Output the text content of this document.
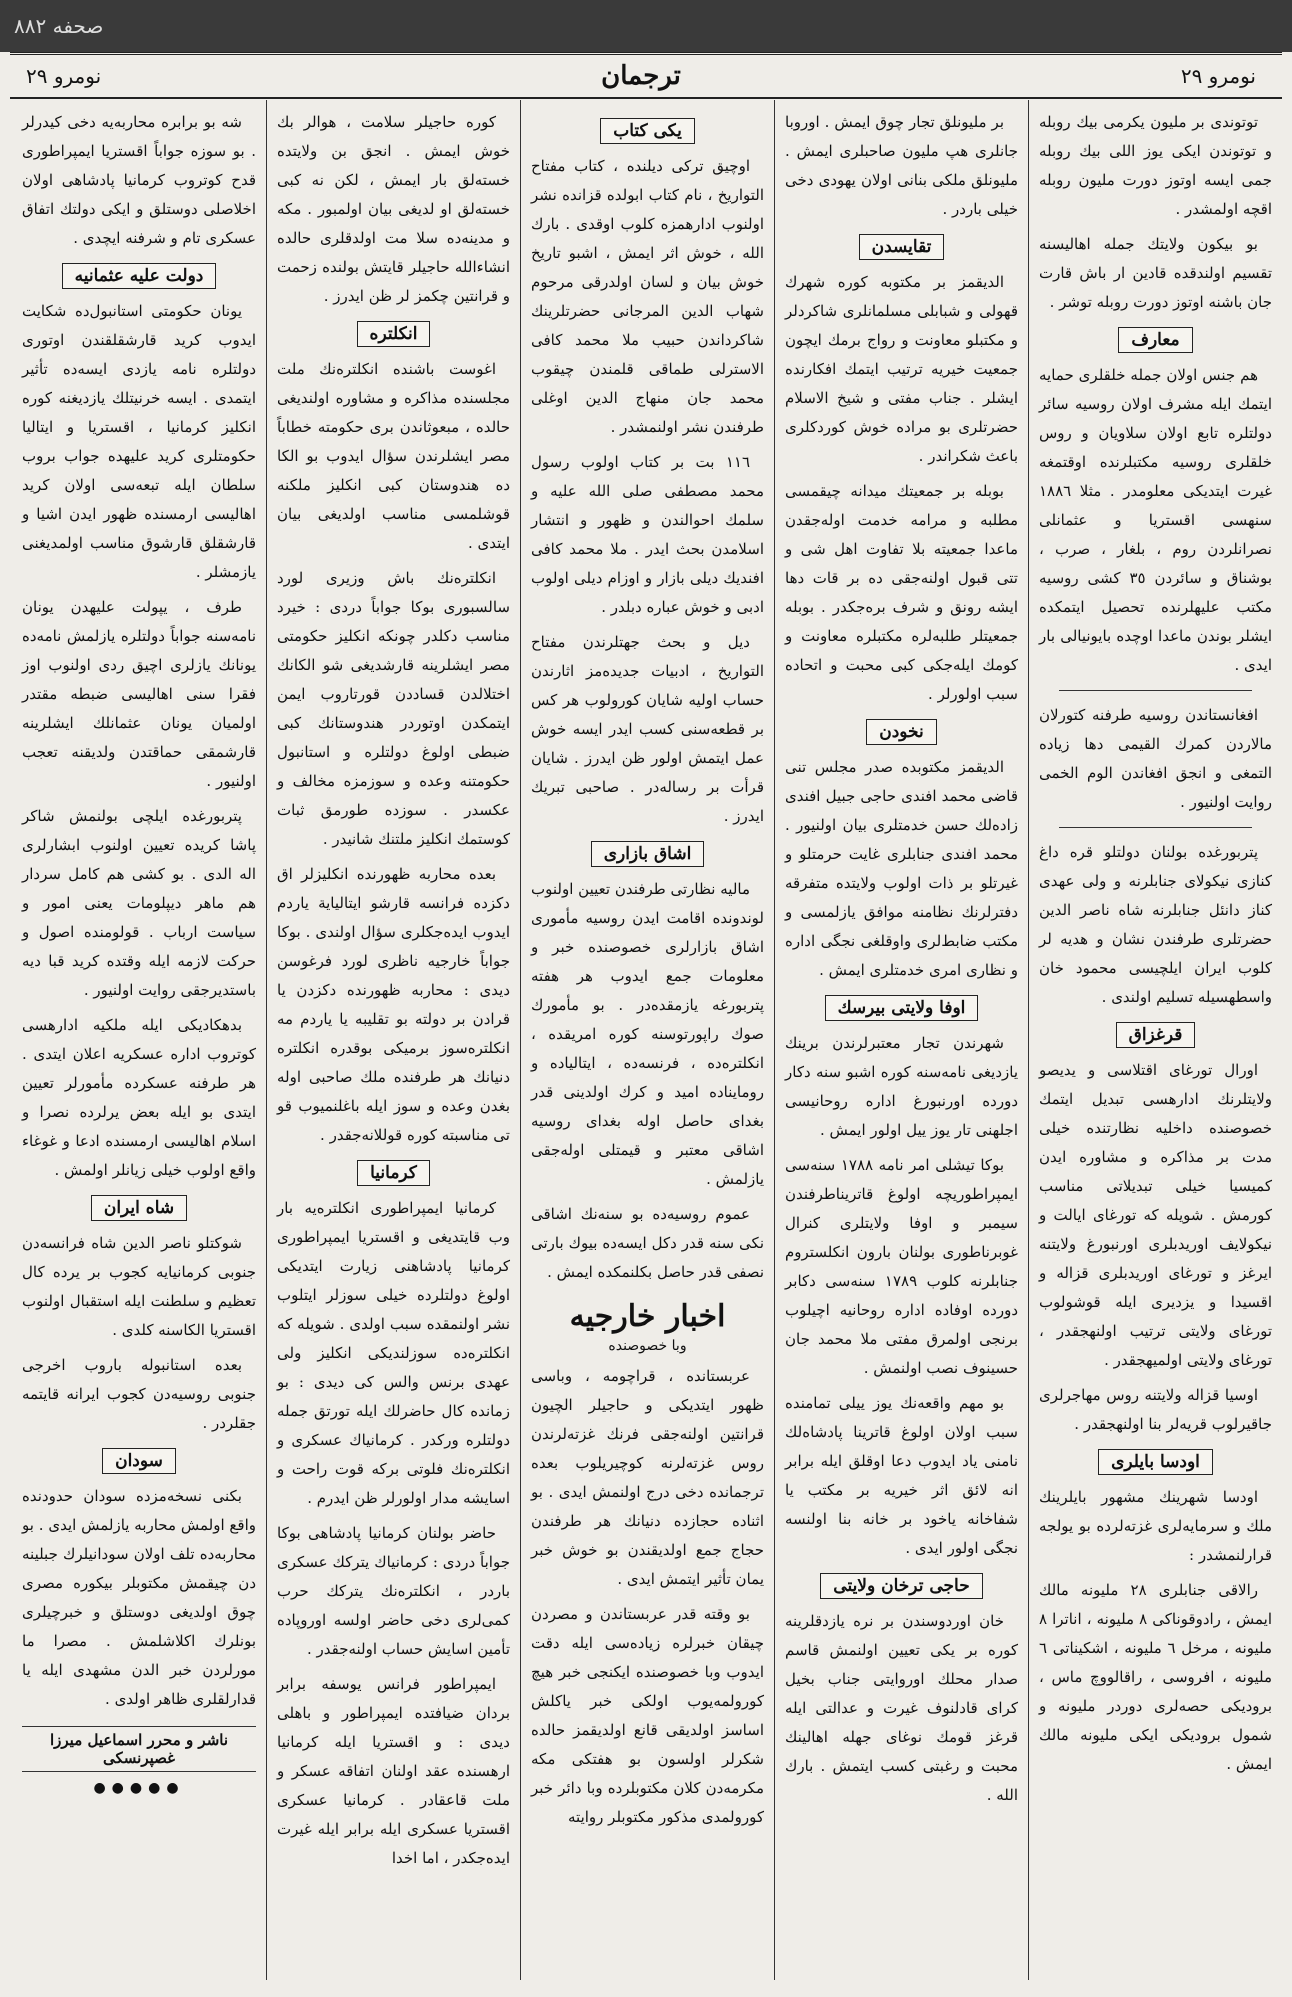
۸۸۲ صحفه
نومرو ٢٩	ترجمان	نومرو ٢٩

توتوندی بر مليون يكرمی بيك روبله و توتوندن ايكی يوز اللی بيك روبله جمی ايسه اوتوز دورت مليون روبله اقچه اولمشدر .

بو بيكون ولايتك جمله اهاليسنه تقسيم اولندقده قادين ار باش قارت جان باشنه اوتوز دورت روبله توشر .

معارف

هم جنس اولان جمله خلقلری حمايه ايتمك ايله مشرف اولان روسيه سائر دولتلره تابع اولان سلاويان و روس خلقلری روسيه مكتبلرنده اوقتمغه غيرت ايتديكی معلومدر . مثلا ١٨٨٦ سنهسی اقستريا و عثمانلی نصرانلردن روم ، بلغار ، صرب ، بوشناق و سائردن ٣٥ كشی روسيه مكتب عليهلرنده تحصيل ايتمكده ايشلر بوندن ماعدا اوچده بايونيالی بار ايدی .

افغانستاندن روسيه طرفنه كتورلان مالاردن كمرك القيمی دها زياده التمغی و انجق افغاندن الوم الخمی روايت اولنيور .

پتربورغده بولنان دولتلو قره داغ كنازی نيكولای جنابلرنه و ولی عهدی كناز دانئل جنابلرنه شاه ناصر الدين حضرتلری طرفندن نشان و هديه لر كلوب ايران ايلچيسی محمود خان واسطهسيله تسليم اولندی .

قرغزاق

اورال تورغای اقتلاسی و يدیصو ولايتلرنك ادارهسی تبديل ايتمك خصوصنده داخليه نظارتنده خيلی مدت بر مذاكره و مشاوره ايدن كميسيا خيلی تبديلاتی مناسب كورمش . شويله كه تورغای ايالت و نيكولايف اوريدبلری اورنبورغ ولايتنه ايرغز و تورغای اوريدبلری قزاله و اقسيدا و يزديری ايله قوشولوب تورغای ولايتی ترتيب اولنهجقدر ، تورغای ولايتی اولميهجقدر .

اوسيا قزاله ولايتنه روس مهاجرلری جاقيرلوب قريه‌لر بنا اولنهجقدر .

اودسا بايلری

اودسا شهرينك مشهور بايلرينك ملك و سرمايه‌لری غزته‌لرده بو يولجه قرارلنمشدر :

رالاقی جنابلری ٢٨ مليونه مالك ايمش ، رادوقوناكی ٨ مليونه ، اناترا ٨ مليونه ، مرخل ٦ مليونه ، اشكيناتی ٦ مليونه ، افروسی ، راقالووچ ماس ، بروديكی حصه‌لری دوردر مليونه و شمول بروديكی ايكی مليونه مالك ايمش .

بر مليونلق تجار چوق ايمش . اوروبا جانلری هپ مليون صاحبلری ايمش . مليونلق ملكی بنانی اولان يهودی دخی خيلی باردر .

تقايسدن

الديقمز بر مكتوبه كوره شهرك قهولی و شبابلی مسلمانلری شاكردلر و مكتبلو معاونت و رواج برمك ايچون جمعيت خيريه ترتيب ايتمك افكارنده ايشلر . جناب مفتی و شيخ الاسلام حضرتلری بو مراده خوش كوردكلری باعث شكراندر .

بوبله بر جمعيتك ميدانه چيقمسی مطلبه و مرامه خدمت اوله‌جقدن ماعدا جمعيته بلا تفاوت اهل شی و تتی قبول اولنه‌جقی ده بر قات دها ايشه رونق و شرف بره‌جكدر . بوبله جمعيتلر طلبه‌لره مكتبلره معاونت و كومك ايله‌جكی كبی محبت و اتحاده سبب اولورلر .

نخودن

الديقمز مكتوبده صدر مجلس تنی قاضی محمد افندی حاجی جبيل افندی زاده‌لك حسن خدمتلری بيان اولنيور . محمد افندی جنابلری غايت حرمتلو و غيرتلو بر ذات اولوب ولايتده متفرقه دفترلرنك نظامنه موافق يازلمسی و مكتب ضابط‌لری واوقلغی نجگی اداره و نظاری امری خدمتلری ايمش .

اوفا ولايتی بيرسك

شهرندن تجار معتبرلرندن برينك يازديغی نامه‌سنه كوره اشبو سنه دكار دورده اورنبورغ اداره روحانيسی اجلهنی تار يوز ييل اولور ايمش .

بوكا تيشلی امر نامه ١٧٨٨ سنه‌سی ايمپراطوريچه اولوغ قاتريناطرفندن سيمبر و اوفا ولايتلری كنرال غوبرناطوری بولنان بارون انكلستروم جنابلرنه كلوب ١٧٨٩ سنه‌سی دكابر دورده اوفاده اداره روحانيه اچيلوب برنجی اولمرق مفتی ملا محمد جان حسينوف نصب اولنمش .

بو مهم واقعه‌نك يوز ييلی تمامنده سبب اولان اولوغ قاترينا پادشاه‌لك نامنی ياد ايدوب دعا اوقلق ايله برابر انه لائق اثر خيريه بر مكتب يا شفاخانه ياخود بر خانه بنا اولنسه نجگی اولور ايدی .

حاجی ترخان ولايتی

خان اوردوسندن بر نره يازدقلرينه كوره بر يكی تعيين اولنمش قاسم صدار محلك اوروايتی جناب بخيل كرای قادلنوف غيرت و عدالتی ايله قرغز قومك نوغای جهله اهالينك محبت و رغبتی كسب ايتمش . بارك الله .

يكی كتاب

اوچيق تركی ديلنده ، كتاب مفتاح التواريخ ، نام كتاب ابولده قزانده نشر اولنوب ادارهمزه كلوب اوقدی . بارك الله ، خوش اثر ايمش ، اشبو تاريخ خوش بيان و لسان اولدرقی مرحوم شهاب الدين المرجانی حضرتلرينك شاكرداندن حبيب ملا محمد كافی الاسترلی طماقی قلمندن چيقوب محمد جان منهاج الدين اوغلی طرفندن نشر اولنمشدر .

١١٦ بت بر كتاب اولوب رسول محمد مصطفی صلی الله عليه و سلمك احوالندن و ظهور و انتشار اسلامدن بحث ايدر . ملا محمد كافی افنديك ديلی بازار و اوزام ديلی اولوب ادبی و خوش عباره دبلدر .

ديل و بحث جهتلرندن مفتاح التواريخ ، ادبيات جديده‌مز اثارندن حساب اوليه شايان كورولوب هر كس بر قطعه‌سنی كسب ايدر ايسه خوش عمل ايتمش اولور ظن ايدرز . شايان قرأت بر رساله‌در . صاحبی تبريك ايدرز .

اشاق بازاری

ماليه نظارتی طرفندن تعيين اولنوب لوندونده اقامت ايدن روسيه مأموری اشاق بازارلری خصوصنده خبر و معلومات جمع ايدوب هر هفته پتربورغه يازمقده‌در . بو مأمورك صوك راپورتوسنه كوره امريقده ، انكلتره‌ده ، فرنسه‌ده ، ايتاليا‌ده و روماينا‌ده اميد و كرك اولدينی قدر بغدای حاصل اوله بغدای روسيه اشاقی معتبر و قيمتلی اوله‌جقی يازلمش .

عموم روسيه‌ده بو سنه‌نك اشاقی نكی سنه قدر دكل ايسه‌ده بيوك بارتی نصفی قدر حاصل بكلنمكده ايمش .

اخبار خارجيه
وبا خصوصنده

عربستانده ، قراچومه ، وباسی ظهور ايتديكی و حاجيلر الچيون قرانتين اولنه‌جقی فرنك غزته‌لرندن روس غزته‌لرنه كوچيريلوب بعده ترجمانده دخی درج اولنمش ايدی . بو اثناده حجازده دنيانك هر طرفندن حجاج جمع اولديقندن بو خوش خبر يمان تأثير ايتمش ايدی .

بو وقته قدر عربستاندن و مصردن چيقان خبرلره زياده‌سی ايله دقت ايدوب وبا خصوصنده ايكنجی خبر هيچ كورولمه‌يوب اولكی خبر ياكلش اساسز اولديقی قانع اولديقمز حالده شكرلر اولسون بو هفتکی مكه مكرمه‌دن كلان مكتوبلرده وبا دائر خبر كورولمدی مذكور مكتوبلر روايته

كوره حاجيلر سلامت ، هوالر بك خوش ايمش . انجق بن ولايتده خسته‌لق بار ايمش ، لكن نه كبی خسته‌لق او لديغی بيان اولمبور . مكه و مدينه‌ده سلا مت اولدقلری حالده انشاءالله حاجيلر قايتش بولنده زحمت و قرانتين چكمز لر ظن ايدرز .

انكلتره

اغوست باشنده انكلتره‌نك ملت مجلسنده مذاكره و مشاوره اولنديغی حالده ، مبعوثاندن بری حكومته خطاباً مصر ايشلرندن سؤال ايدوب بو الكا ده هندوستان كبی انكليز ملكنه قوشلمسی مناسب اولديغی بيان ايتدی .

انكلتره‌نك باش وزيری لورد سالسبوری بوكا جواباً دردی : خيرد مناسب دكلدر چونكه انكليز حكومتی مصر ايشلرينه قارشديغی شو الكانك اختلالدن قساددن قورتاروب ايمن ايتمكدن اوتوردر هندوستانك كبی ضبطی اولوغ دولتلره و استانبول حكومتنه وعده و سوزمزه مخالف و عكسدر . سوزده طورمق ثبات كوستمك انكليز ملتنك شانيدر .

بعده محاربه ظهورنده انكليزلر اق دكزده فرانسه قارشو ايتالياية ياردم ايدوب ايده‌جكلری سؤال اولندی . بوكا جواباً خارجيه ناظری لورد فرغوسن ديدی : محاربه ظهورنده دكزدن يا قرادن بر دولته بو تقليبه يا ياردم مه انكلتره‌سوز برميكی بوقدره انكلتره دنيانك هر طرفنده ملك صاحبی اوله بغدن وعده و سوز ايله باغلنميوب قو تی مناسبته كوره قوللانه‌جقدر .

كرمانيا

كرمانيا ايمپراطوری انكلتره‌يه بار وب قايتديغی و اقستريا ايمپراطوری كرمانيا پادشاهنی زيارت ايتديكی اولوغ دولتلرده خيلی سوزلر ايتلوب نشر اولنمقده سبب اولدی . شويله كه انكلتره‌ده سوزلنديكی انكليز ولی عهدی برنس والس كی ديدی : بو زمانده كال حاضرلك ايله تورتق جمله دولتلره وركدر . كرمانياك عسكری و انكلتره‌نك فلوتی بركه قوت راحت و اسايشه مدار اولورلر ظن ايدرم .

حاضر بولنان كرمانيا پادشاهی بوكا جواباً دردی : كرمانياك يتركك عسكری باردر ، انكلتره‌نك يتركك حرب كمی‌لری دخی حاضر اولسه اوروپاده تأمين اسايش حساب اولنه‌جقدر .

ايمپراطور فرانس يوسفه برابر بردان ضيافتده ايمپراطور و باهلی ديدی : و اقستريا ايله كرمانيا ارهسنده عقد اولنان اتفاقه عسكر و ملت قاعقادر . كرمانيا عسكری اقستريا عسكری ايله برابر ايله غيرت ايده‌جكدر ، اما اخدا

شه بو برابره محاربه‌يه دخی كيدرلر . بو سوزه جواباً اقستريا ايمپراطوری قدح كوتروب كرمانيا پادشاهی اولان اخلاصلی دوستلق و ايكی دولتك اتفاق عسكری تام و شرفنه ايچدی .

دولت عليه عثمانيه

يونان حكومتی استانبول‌ده شكايت ايدوب كريد قارشقلقندن اوتوری دولتلره نامه يازدی ايسه‌ده تأثير ايتمدی . ايسه خرنيتلك يازديغنه كوره انكليز كرمانيا ، اقستريا و ايتاليا حكومتلری كريد عليهده جواب بروب سلطان ايله تبعه‌سی اولان كريد اهاليسی ارمسنده ظهور ايدن اشيا و قارشقلق قارشوق مناسب اولمديغنی يازمشلر .

طرف ، يپولت عليهدن يونان نامه‌سنه جواباً دولتلره يازلمش نامه‌ده يونانك يازلری اچيق ردی اولنوب اوز فقرا سنی اهاليسی ضبطه مقتدر اولميان يونان عثمانلك ايشلرينه قارشمقی حماقتدن ولديقنه تعجب اولنيور .

پتربورغده ايلچی بولنمش شاكر پاشا كريده تعيين اولنوب ابشارلری اله الدی . بو كشی هم كامل سردار هم ماهر ديپلومات يعنی امور و سياست ارباب . قولومنده اصول و حركت لازمه ايله وقتده كريد قبا ديه باستديرجقی روايت اولنيور .

بدهكاديكی ايله ملكيه ادارهسی كوتروب اداره عسكريه اعلان ايتدی . هر طرفنه عسكرده مأمورلر تعيين ايتدی بو ايله بعض يرلرده نصرا و اسلام اهاليسی ارمسنده ادعا و غوغاء واقع اولوب خيلی زيانلر اولمش .

شاه ايران

شوكتلو ناصر الدين شاه فرانسه‌دن جنوبی كرمانيايه كجوب بر يرده كال تعظيم و سلطنت ايله استقبال اولنوب اقستريا الكاسنه كلدی .

بعده استانبوله باروب اخرجی جنوبی روسيه‌دن كجوب ايرانه قايتمه جقلردر .

سودان

بكنی نسخه‌مزده سودان حدودنده واقع اولمش محاربه يازلمش ايدی . بو محاربه‌ده تلف اولان سودانيلرك جبلينه دن چيقمش مكتوبلر بيكوره مصری چوق اولديغی دوستلق و خبرچيلری بونلرك اكلاشلمش . مصرا ما مورلردن خبر الدن مشهدی ايله يا قدارلقلری ظاهر اولدی .

ناشر و محرر اسماعيل ميرزا غصپرنسكی
●●●●●
